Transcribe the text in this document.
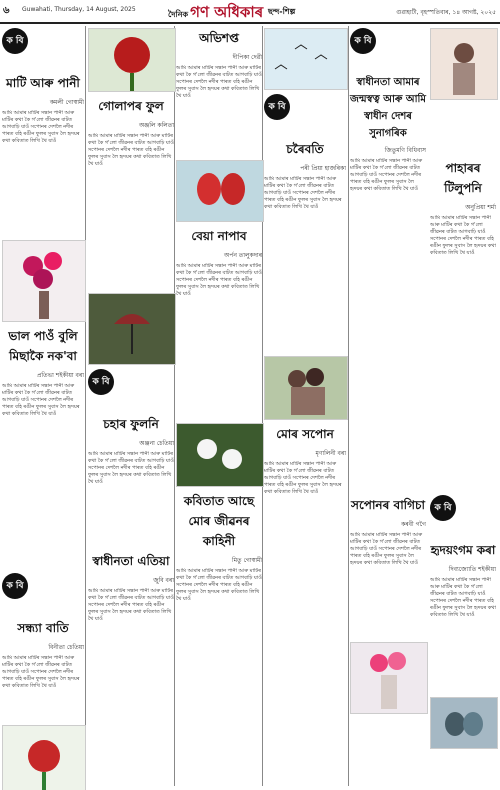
৬ Guwahati, Thursday, 14 August, 2025	দৈনিক গণ অধিকাৰ ছন্দ-শিল্প	গুৱাহাটী, বৃহস্পতিবাৰ, ১৪ আগষ্ট, ২০২৫
ক বি তা
মাটি আৰু পানী
কমলী গোস্বামী
আমি আমাৰ মাটিৰ সন্তান পানী আৰু মাটিৰ কথা কৈ গ'লো জীৱনৰ বাটত আগবাঢ়ি যাওঁ সপোনৰ দেশলৈ নদীৰ পাৰত বহি ৰঙীন ফুলৰ সুবাস লৈ হৃদয়ৰ কথা কবিতাত লিখি থৈ যাওঁ
ভাল পাওঁ বুলি মিছাকৈ নক'বা
প্ৰতিভা শইকীয়া বৰা
আমি আমাৰ মাটিৰ সন্তান পানী আৰু মাটিৰ কথা কৈ গ'লো জীৱনৰ বাটত আগবাঢ়ি যাওঁ সপোনৰ দেশলৈ নদীৰ পাৰত বহি ৰঙীন ফুলৰ সুবাস লৈ হৃদয়ৰ কথা কবিতাত লিখি থৈ যাওঁ
ক বি তা
সন্ধ্যা বাতি
বিনীতা চেতিয়া
আমি আমাৰ মাটিৰ সন্তান পানী আৰু মাটিৰ কথা কৈ গ'লো জীৱনৰ বাটত আগবাঢ়ি যাওঁ সপোনৰ দেশলৈ নদীৰ পাৰত বহি ৰঙীন ফুলৰ সুবাস লৈ হৃদয়ৰ কথা কবিতাত লিখি থৈ যাওঁ
গোলাপৰ ফুল
অঞ্জলি কলিতা
আমি আমাৰ মাটিৰ সন্তান পানী আৰু মাটিৰ কথা কৈ গ'লো জীৱনৰ বাটত আগবাঢ়ি যাওঁ সপোনৰ দেশলৈ নদীৰ পাৰত বহি ৰঙীন ফুলৰ সুবাস লৈ হৃদয়ৰ কথা কবিতাত লিখি থৈ যাওঁ
ক বি তা
চহাৰ ফুলনি
অঞ্জনা চেতিয়া
আমি আমাৰ মাটিৰ সন্তান পানী আৰু মাটিৰ কথা কৈ গ'লো জীৱনৰ বাটত আগবাঢ়ি যাওঁ সপোনৰ দেশলৈ নদীৰ পাৰত বহি ৰঙীন ফুলৰ সুবাস লৈ হৃদয়ৰ কথা কবিতাত লিখি থৈ যাওঁ
স্বাধীনতা এতিয়া
জুবি বৰা
আমি আমাৰ মাটিৰ সন্তান পানী আৰু মাটিৰ কথা কৈ গ'লো জীৱনৰ বাটত আগবাঢ়ি যাওঁ সপোনৰ দেশলৈ নদীৰ পাৰত বহি ৰঙীন ফুলৰ সুবাস লৈ হৃদয়ৰ কথা কবিতাত লিখি থৈ যাওঁ
অভিশপ্ত
দীপিকা দেৱী
আমি আমাৰ মাটিৰ সন্তান পানী আৰু মাটিৰ কথা কৈ গ'লো জীৱনৰ বাটত আগবাঢ়ি যাওঁ সপোনৰ দেশলৈ নদীৰ পাৰত বহি ৰঙীন ফুলৰ সুবাস লৈ হৃদয়ৰ কথা কবিতাত লিখি থৈ যাওঁ
বেয়া নাপাব
অৰ্পন তালুকদাৰ
আমি আমাৰ মাটিৰ সন্তান পানী আৰু মাটিৰ কথা কৈ গ'লো জীৱনৰ বাটত আগবাঢ়ি যাওঁ সপোনৰ দেশলৈ নদীৰ পাৰত বহি ৰঙীন ফুলৰ সুবাস লৈ হৃদয়ৰ কথা কবিতাত লিখি থৈ যাওঁ
কবিতাত আছে মোৰ জীৱনৰ কাহিনী
মিতু গোস্বামী
আমি আমাৰ মাটিৰ সন্তান পানী আৰু মাটিৰ কথা কৈ গ'লো জীৱনৰ বাটত আগবাঢ়ি যাওঁ সপোনৰ দেশলৈ নদীৰ পাৰত বহি ৰঙীন ফুলৰ সুবাস লৈ হৃদয়ৰ কথা কবিতাত লিখি থৈ যাওঁ
ক বি তা
চৰৈবতি
পৰী প্ৰিয়া হাজৰিকা
আমি আমাৰ মাটিৰ সন্তান পানী আৰু মাটিৰ কথা কৈ গ'লো জীৱনৰ বাটত আগবাঢ়ি যাওঁ সপোনৰ দেশলৈ নদীৰ পাৰত বহি ৰঙীন ফুলৰ সুবাস লৈ হৃদয়ৰ কথা কবিতাত লিখি থৈ যাওঁ
মোৰ সপোন
মৃণালিনী বৰা
আমি আমাৰ মাটিৰ সন্তান পানী আৰু মাটিৰ কথা কৈ গ'লো জীৱনৰ বাটত আগবাঢ়ি যাওঁ সপোনৰ দেশলৈ নদীৰ পাৰত বহি ৰঙীন ফুলৰ সুবাস লৈ হৃদয়ৰ কথা কবিতাত লিখি থৈ যাওঁ
ক বি তা
স্বাধীনতা আমাৰ জন্মস্বত্ব আৰু আমি স্বাধীন দেশৰ সুনাগৰিক
জিতুমণি বিধিবাস
আমি আমাৰ মাটিৰ সন্তান পানী আৰু মাটিৰ কথা কৈ গ'লো জীৱনৰ বাটত আগবাঢ়ি যাওঁ সপোনৰ দেশলৈ নদীৰ পাৰত বহি ৰঙীন ফুলৰ সুবাস লৈ হৃদয়ৰ কথা কবিতাত লিখি থৈ যাওঁ
পাহাৰৰ টিলুপনি
অনুপ্ৰিয়া শৰ্মা
আমি আমাৰ মাটিৰ সন্তান পানী আৰু মাটিৰ কথা কৈ গ'লো জীৱনৰ বাটত আগবাঢ়ি যাওঁ সপোনৰ দেশলৈ নদীৰ পাৰত বহি ৰঙীন ফুলৰ সুবাস লৈ হৃদয়ৰ কথা কবিতাত লিখি থৈ যাওঁ
সপোনৰ বাগিচা
কৰবী গগৈ
আমি আমাৰ মাটিৰ সন্তান পানী আৰু মাটিৰ কথা কৈ গ'লো জীৱনৰ বাটত আগবাঢ়ি যাওঁ সপোনৰ দেশলৈ নদীৰ পাৰত বহি ৰঙীন ফুলৰ সুবাস লৈ হৃদয়ৰ কথা কবিতাত লিখি থৈ যাওঁ
ক বি তা
হৃদয়ংগম কৰা
দিব্যজ্যোতি শইকীয়া
আমি আমাৰ মাটিৰ সন্তান পানী আৰু মাটিৰ কথা কৈ গ'লো জীৱনৰ বাটত আগবাঢ়ি যাওঁ সপোনৰ দেশলৈ নদীৰ পাৰত বহি ৰঙীন ফুলৰ সুবাস লৈ হৃদয়ৰ কথা কবিতাত লিখি থৈ যাওঁ
